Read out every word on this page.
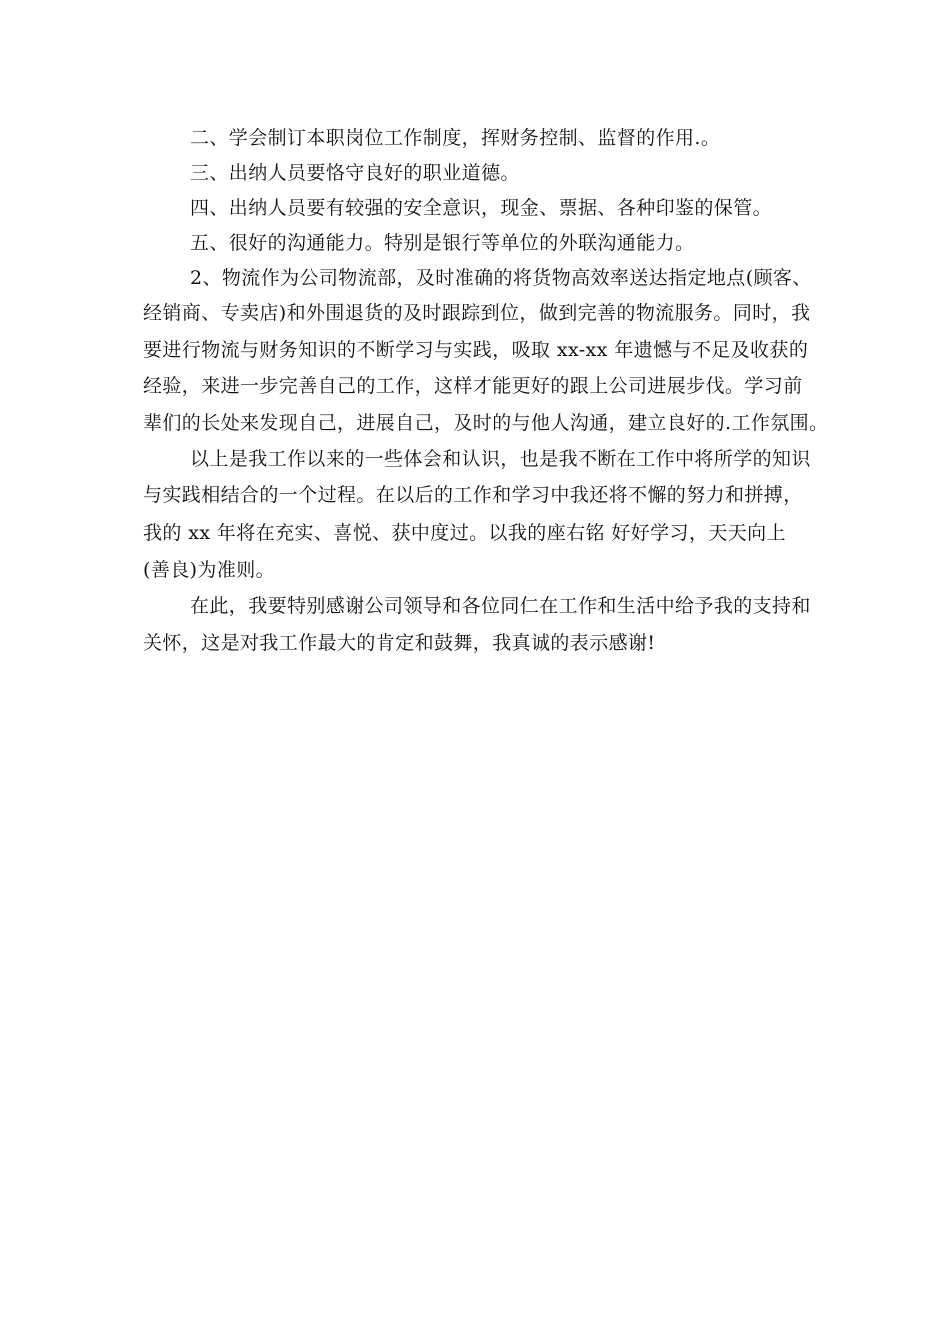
二、学会制订本职岗位工作制度，挥财务控制、监督的作用.。
三、出纳人员要恪守良好的职业道德。
四、出纳人员要有较强的安全意识，现金、票据、各种印鉴的保管。
五、很好的沟通能力。特别是银行等单位的外联沟通能力。
2、物流作为公司物流部，及时准确的将货物高效率送达指定地点(顾客、
经销商、专卖店)和外围退货的及时跟踪到位，做到完善的物流服务。同时，我
要进行物流与财务知识的不断学习与实践，吸取 xx-xx 年遗憾与不足及收获的
经验，来进一步完善自己的工作，这样才能更好的跟上公司进展步伐。学习前
辈们的长处来发现自己，进展自己，及时的与他人沟通，建立良好的.工作氛围。
以上是我工作以来的一些体会和认识，也是我不断在工作中将所学的知识
与实践相结合的一个过程。在以后的工作和学习中我还将不懈的努力和拼搏，
我的 xx 年将在充实、喜悦、获中度过。以我的座右铭 好好学习，天天向上
(善良)为准则。
在此，我要特别感谢公司领导和各位同仁在工作和生活中给予我的支持和
关怀，这是对我工作最大的肯定和鼓舞，我真诚的表示感谢!
